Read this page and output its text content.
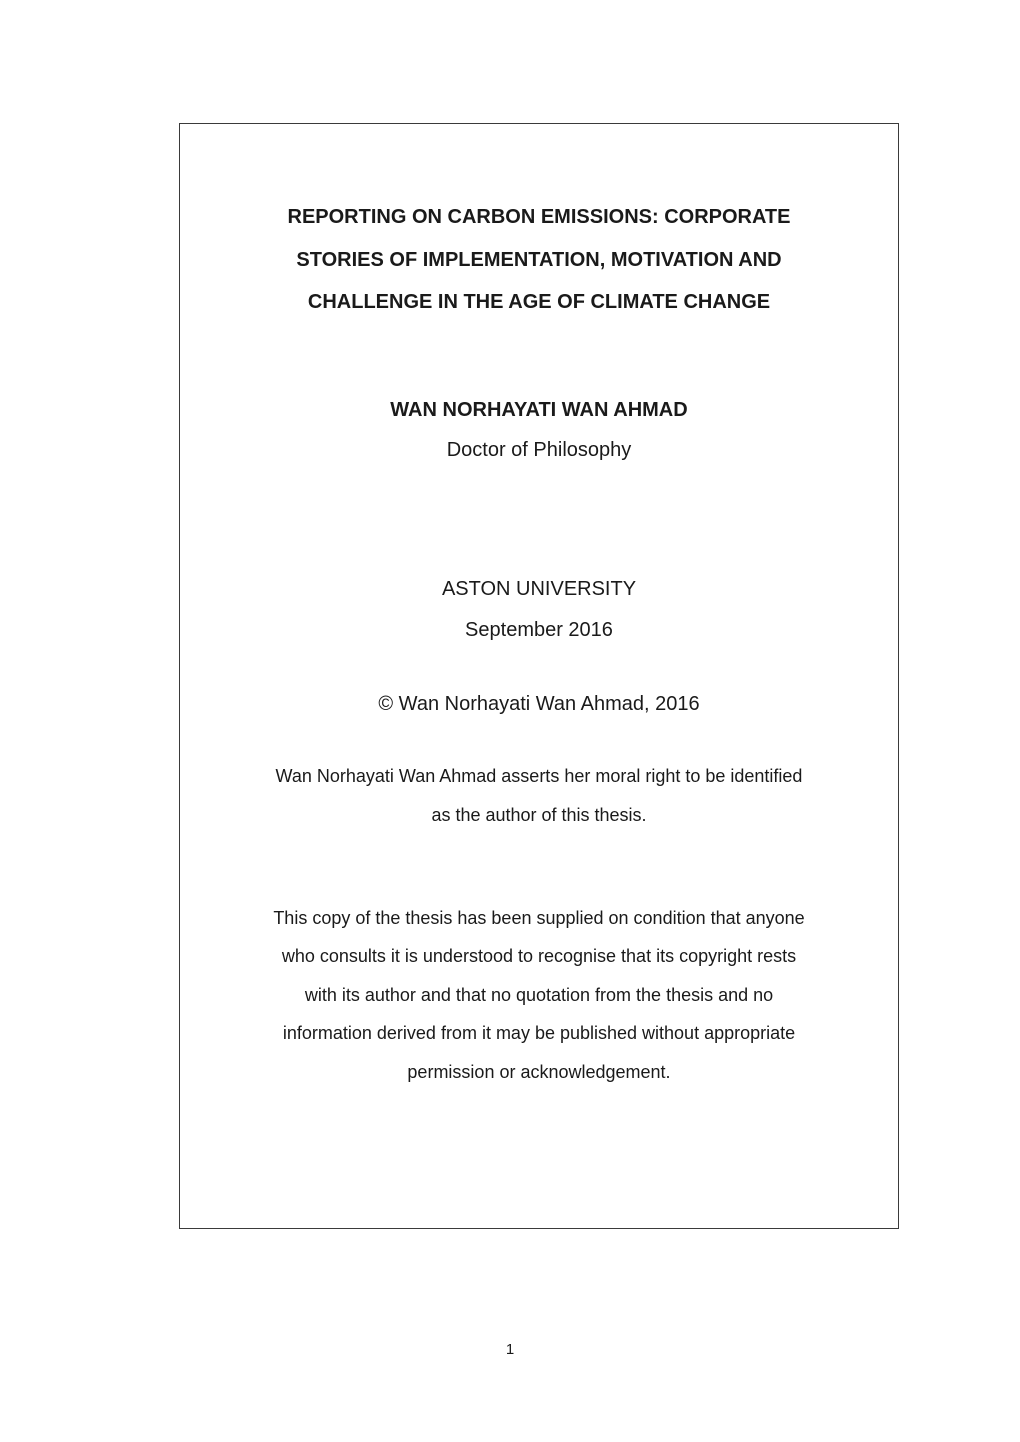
REPORTING ON CARBON EMISSIONS: CORPORATE
STORIES OF IMPLEMENTATION, MOTIVATION AND
CHALLENGE IN THE AGE OF CLIMATE CHANGE
WAN NORHAYATI WAN AHMAD
Doctor of Philosophy
ASTON UNIVERSITY
September 2016
© Wan Norhayati Wan Ahmad, 2016
Wan Norhayati Wan Ahmad asserts her moral right to be identified
as the author of this thesis.
This copy of the thesis has been supplied on condition that anyone
who consults it is understood to recognise that its copyright rests
with its author and that no quotation from the thesis and no
information derived from it may be published without appropriate
permission or acknowledgement.
1
